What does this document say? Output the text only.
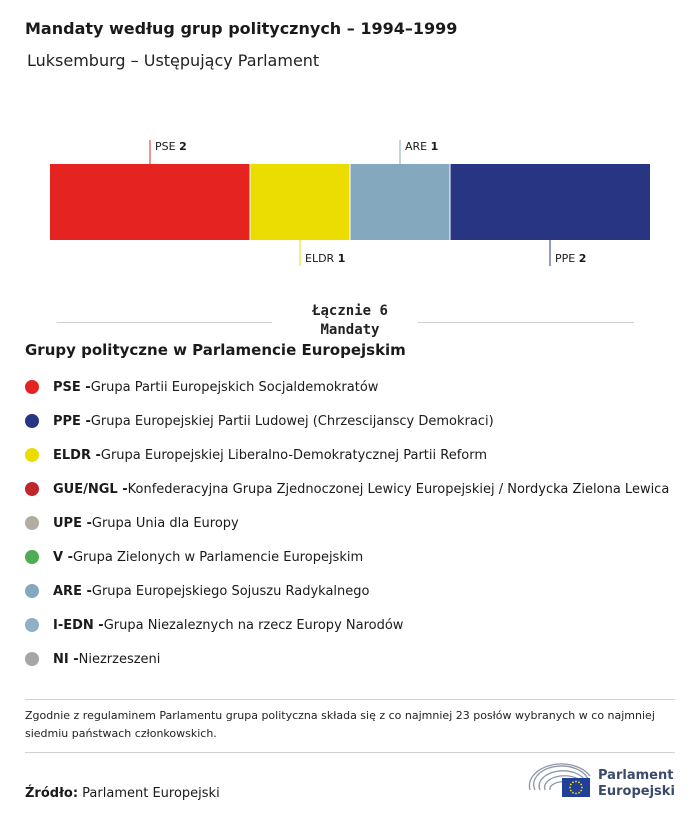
Mandaty według grup politycznych – 1994–1999
Luksemburg – Ustępujący Parlament
PSE 2
ELDR 1
ARE 1
PPE 2
Łącznie 6
Mandaty
Grupy polityczne w Parlamencie Europejskim
PSE - Grupa Partii Europejskich Socjaldemokratów
PPE - Grupa Europejskiej Partii Ludowej (Chrzescijanscy Demokraci)
ELDR - Grupa Europejskiej Liberalno-Demokratycznej Partii Reform
GUE/NGL - Konfederacyjna Grupa Zjednoczonej Lewicy Europejskiej / Nordycka Zielona Lewica
UPE - Grupa Unia dla Europy
V - Grupa Zielonych w Parlamencie Europejskim
ARE - Grupa Europejskiego Sojuszu Radykalnego
I-EDN - Grupa Niezaleznych na rzecz Europy Narodów
NI - Niezrzeszeni
Zgodnie z regulaminem Parlamentu grupa polityczna składa się z co najmniej 23 posłów wybranych w co najmniej siedmiu państwach członkowskich.
Źródło: Parlament Europejski
Parlament
Europejski
